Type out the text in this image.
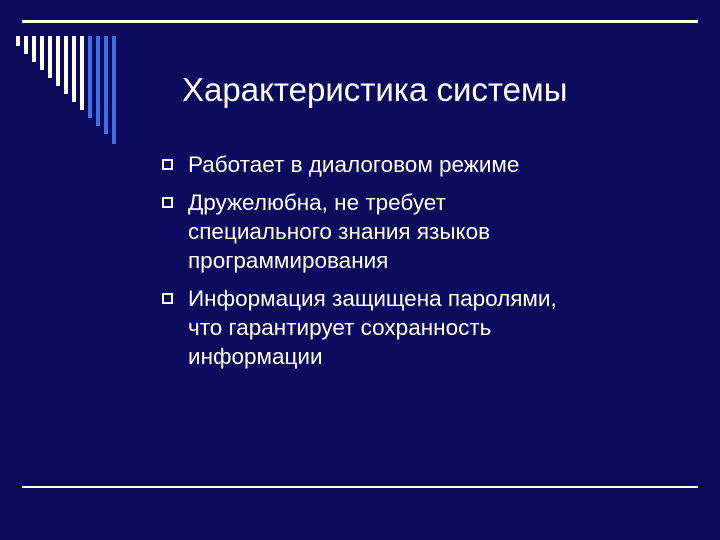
Характеристика системы
Работает в диалоговом режиме
Дружелюбна, не требует
специального знания языков
программирования
Информация защищена паролями,
что гарантирует сохранность
информации
